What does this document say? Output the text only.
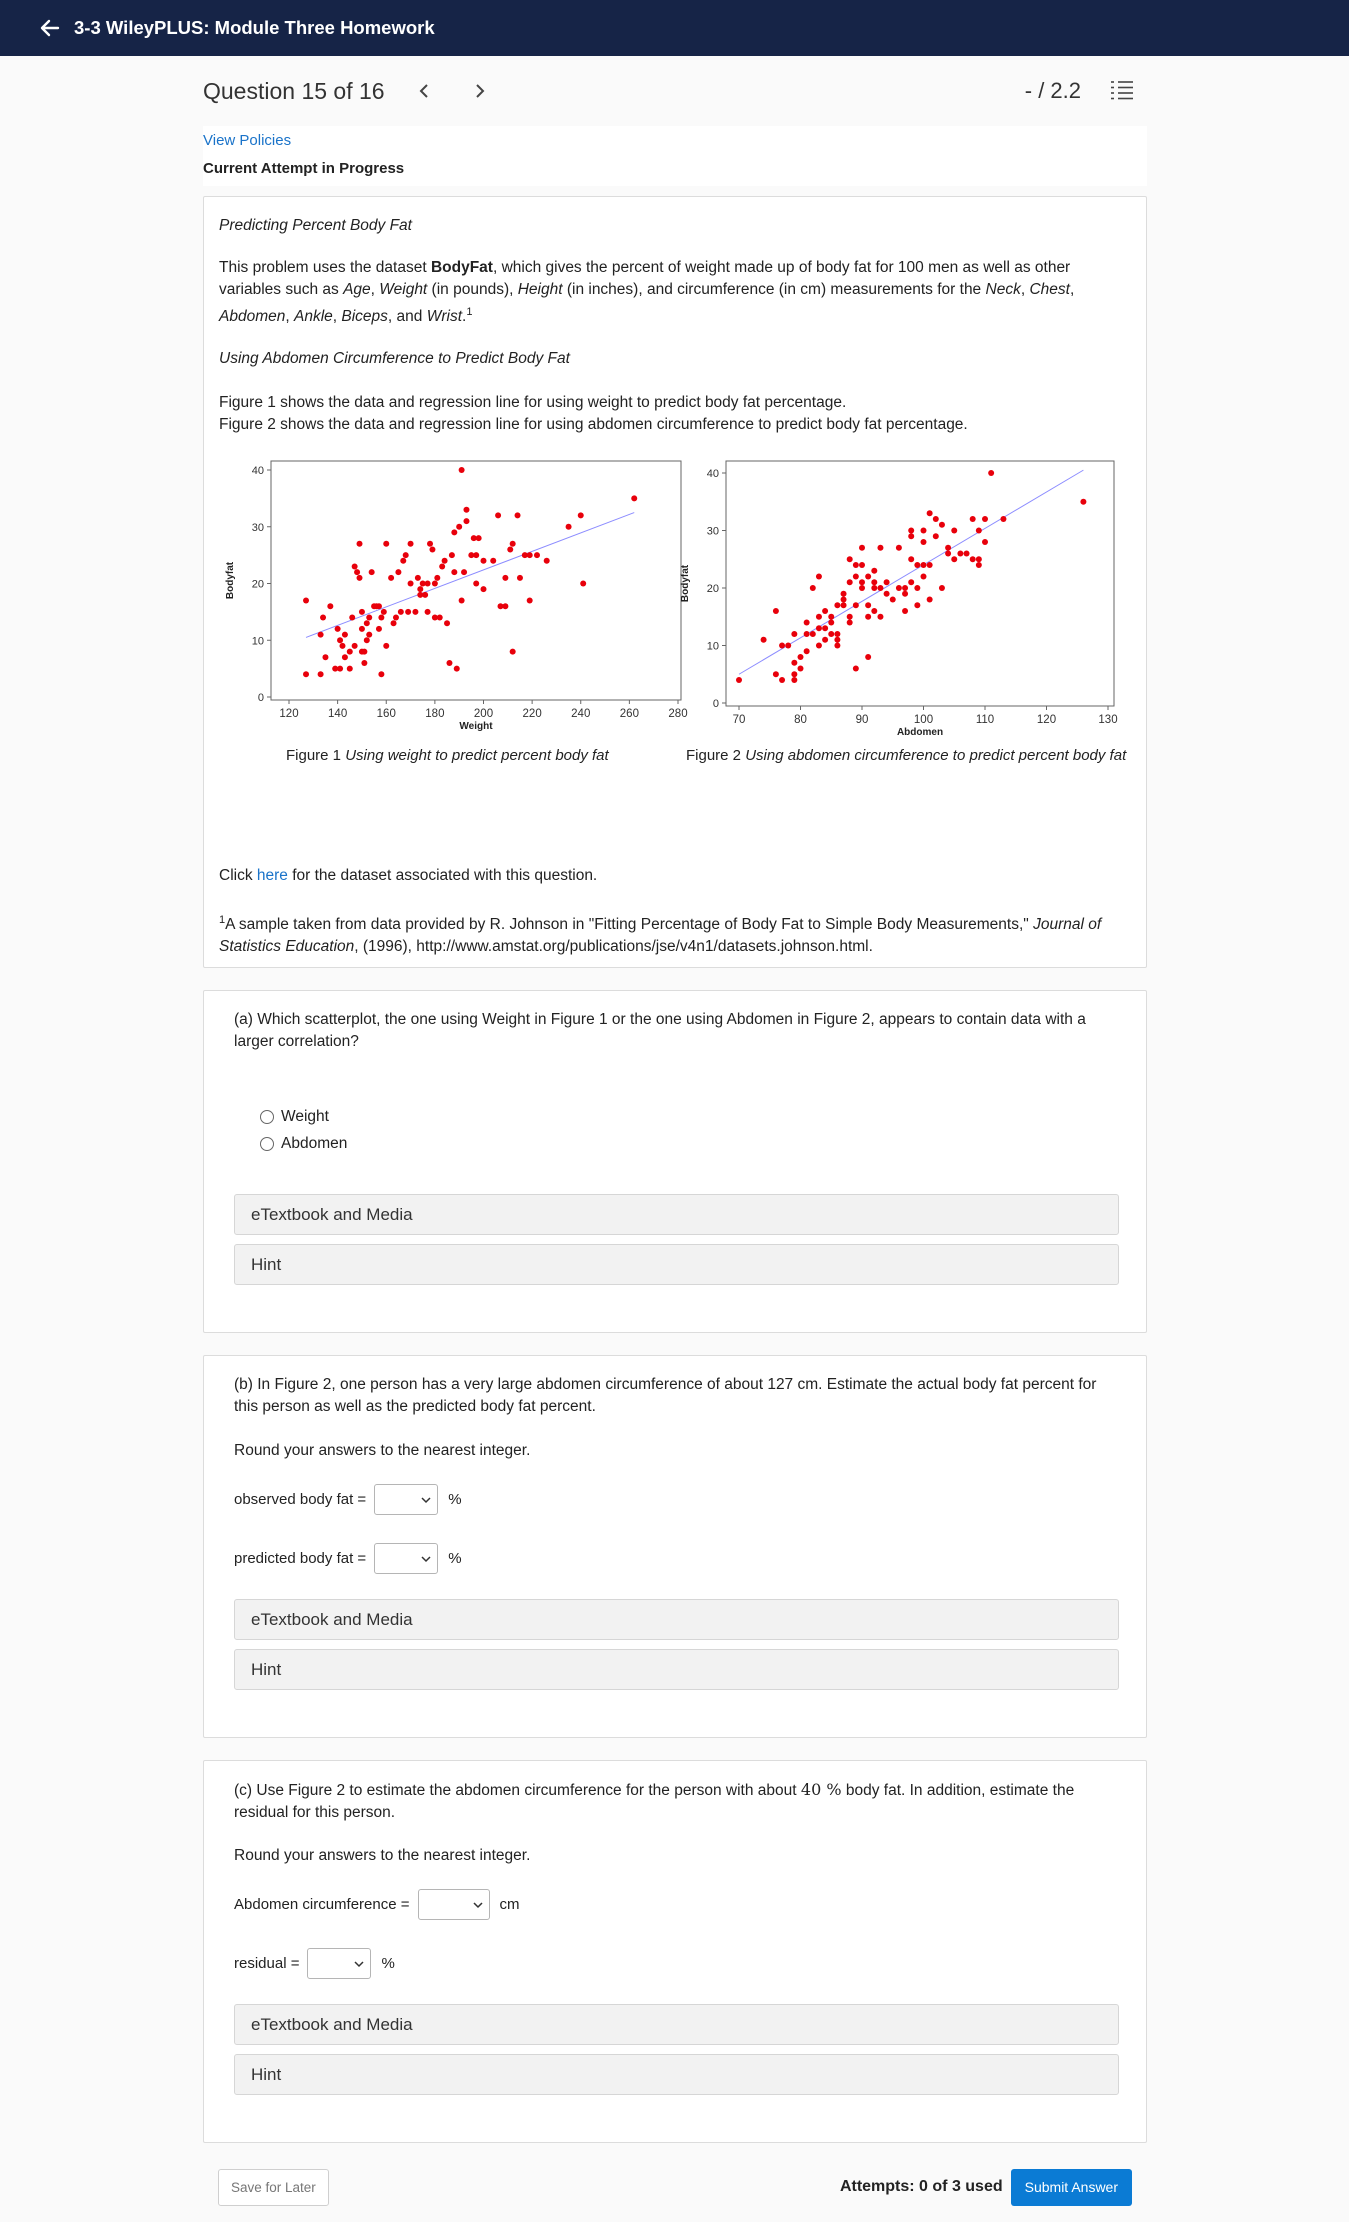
3-3 WileyPLUS: Module Three Homework
Question 15 of 16	- / 2.2
View Policies
Current Attempt in Progress

Predicting Percent Body Fat

This problem uses the dataset BodyFat, which gives the percent of weight made up of body fat for 100 men as well as other variables such as Age, Weight (in pounds), Height (in inches), and circumference (in cm) measurements for the Neck, Chest, Abdomen, Ankle, Biceps, and Wrist.$^1$

Using Abdomen Circumference to Predict Body Fat

Figure 1 shows the data and regression line for using weight to predict body fat percentage.

Figure 2 shows the data and regression line for using abdomen circumference to predict body fat percentage.

0
10
20
30
40
120	140	160	180	200	220	240	260	280
Weight
Bodyfat
Figure 1 Using weight to predict percent body fat
0
10
20
30
40
70	80	90	100	110	120	130
Abdomen
Bodyfat
Figure 2 Using abdomen circumference to predict percent body fat

Click here for the dataset associated with this question.

$^1$A sample taken from data provided by R. Johnson in "Fitting Percentage of Body Fat to Simple Body Measurements," Journal of Statistics Education, (1996), http://www.amstat.org/publications/jse/v4n1/datasets.johnson.html.

(a) Which scatterplot, the one using Weight in Figure 1 or the one using Abdomen in Figure 2, appears to contain data with a larger correlation?

Weight
Abdomen
eTextbook and Media
Hint

(b) In Figure 2, one person has a very large abdomen circumference of about 127 cm. Estimate the actual body fat percent for this person as well as the predicted body fat percent.

Round your answers to the nearest integer.

observed body fat =	%
predicted body fat =	%
eTextbook and Media
Hint

(c) Use Figure 2 to estimate the abdomen circumference for the person with about 40 % body fat. In addition, estimate the residual for this person.

Round your answers to the nearest integer.

Abdomen circumference =	cm
residual =	%
eTextbook and Media
Hint
Save for Later	Attempts: 0 of 3 used	Submit Answer
